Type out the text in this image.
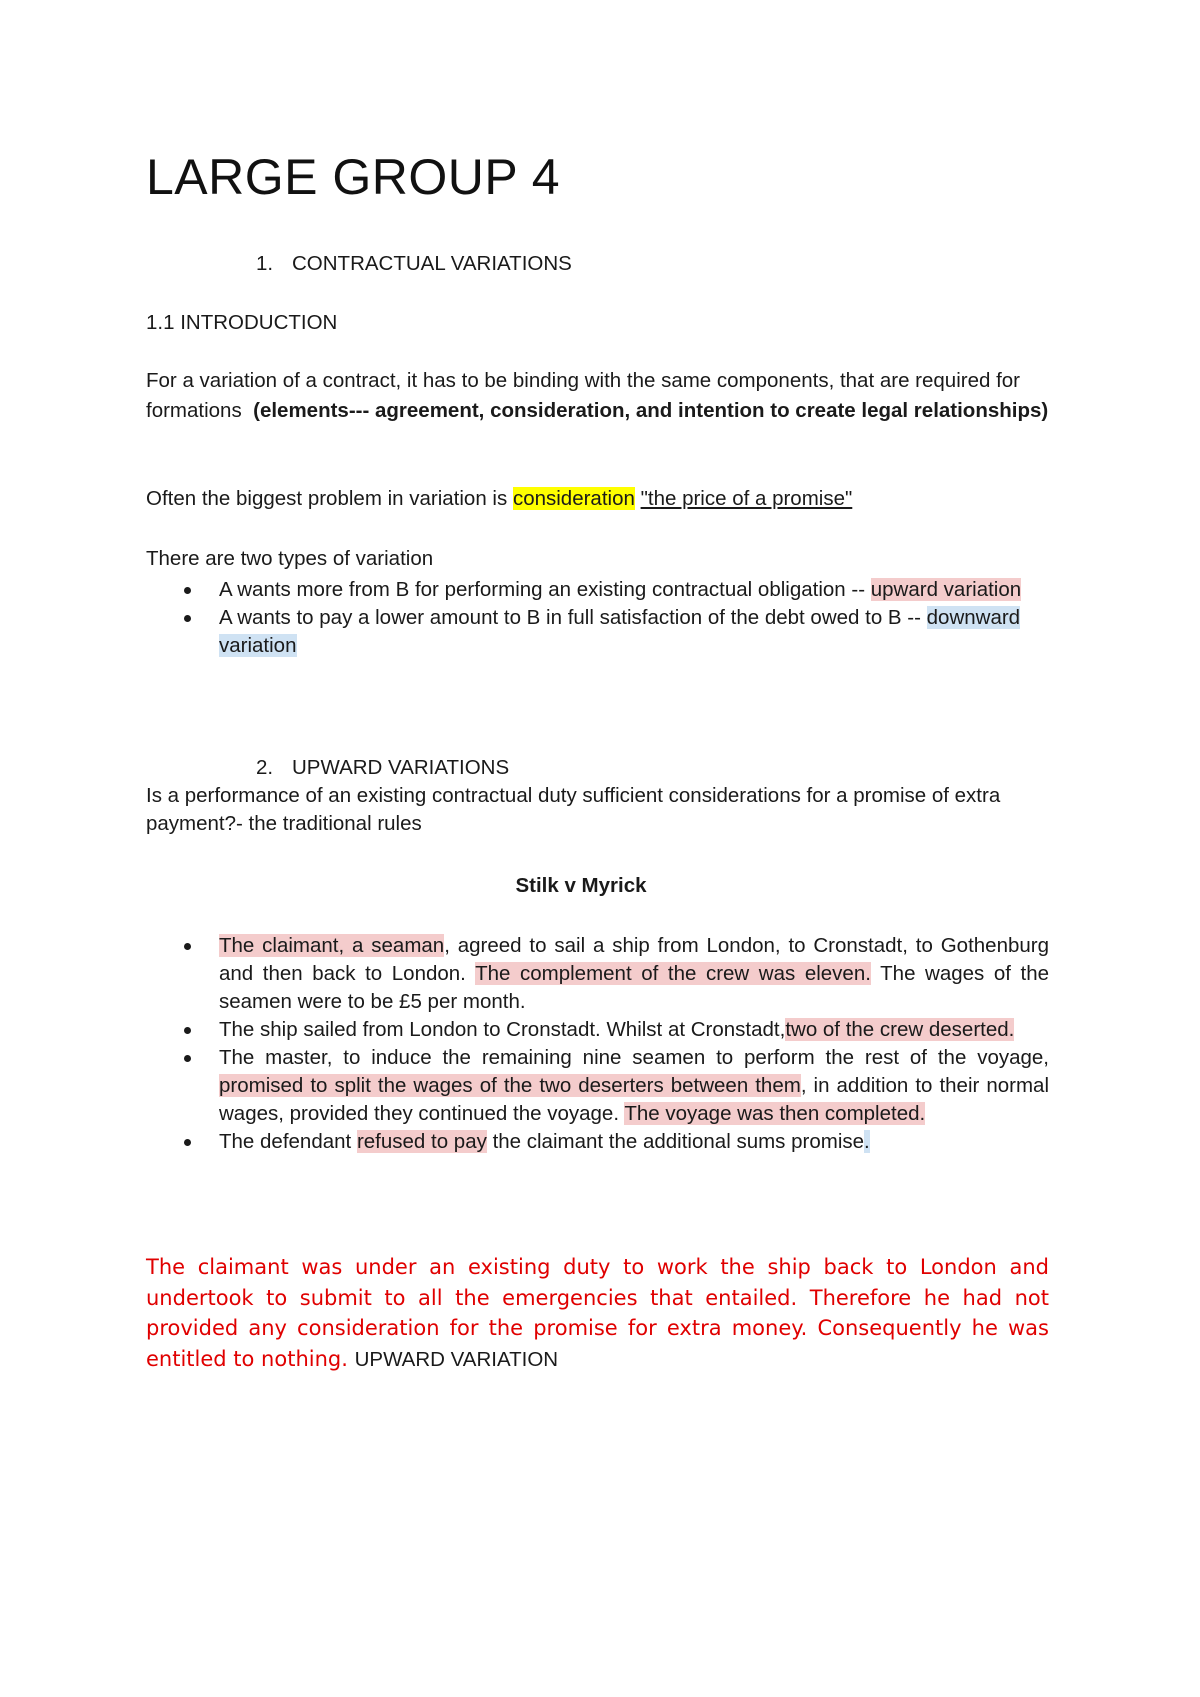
LARGE GROUP 4

1. CONTRACTUAL VARIATIONS

1.1 INTRODUCTION

For a variation of a contract, it has to be binding with the same components, that are required for formations (elements--- agreement, consideration, and intention to create legal relationships)

Often the biggest problem in variation is consideration "the price of a promise"

There are two types of variation

A wants more from B for performing an existing contractual obligation -- upward variation
A wants to pay a lower amount to B in full satisfaction of the debt owed to B -- downward variation

2. UPWARD VARIATIONS

Is a performance of an existing contractual duty sufficient considerations for a promise of extra payment?- the traditional rules

Stilk v Myrick

The claimant, a seaman, agreed to sail a ship from London, to Cronstadt, to Gothenburg and then back to London. The complement of the crew was eleven. The wages of the seamen were to be £5 per month.
The ship sailed from London to Cronstadt. Whilst at Cronstadt,two of the crew deserted.
The master, to induce the remaining nine seamen to perform the rest of the voyage, promised to split the wages of the two deserters between them, in addition to their normal wages, provided they continued the voyage. The voyage was then completed.
The defendant refused to pay the claimant the additional sums promise.

The claimant was under an existing duty to work the ship back to London and undertook to submit to all the emergencies that entailed. Therefore he had not provided any consideration for the promise for extra money. Consequently he was entitled to nothing. UPWARD VARIATION
